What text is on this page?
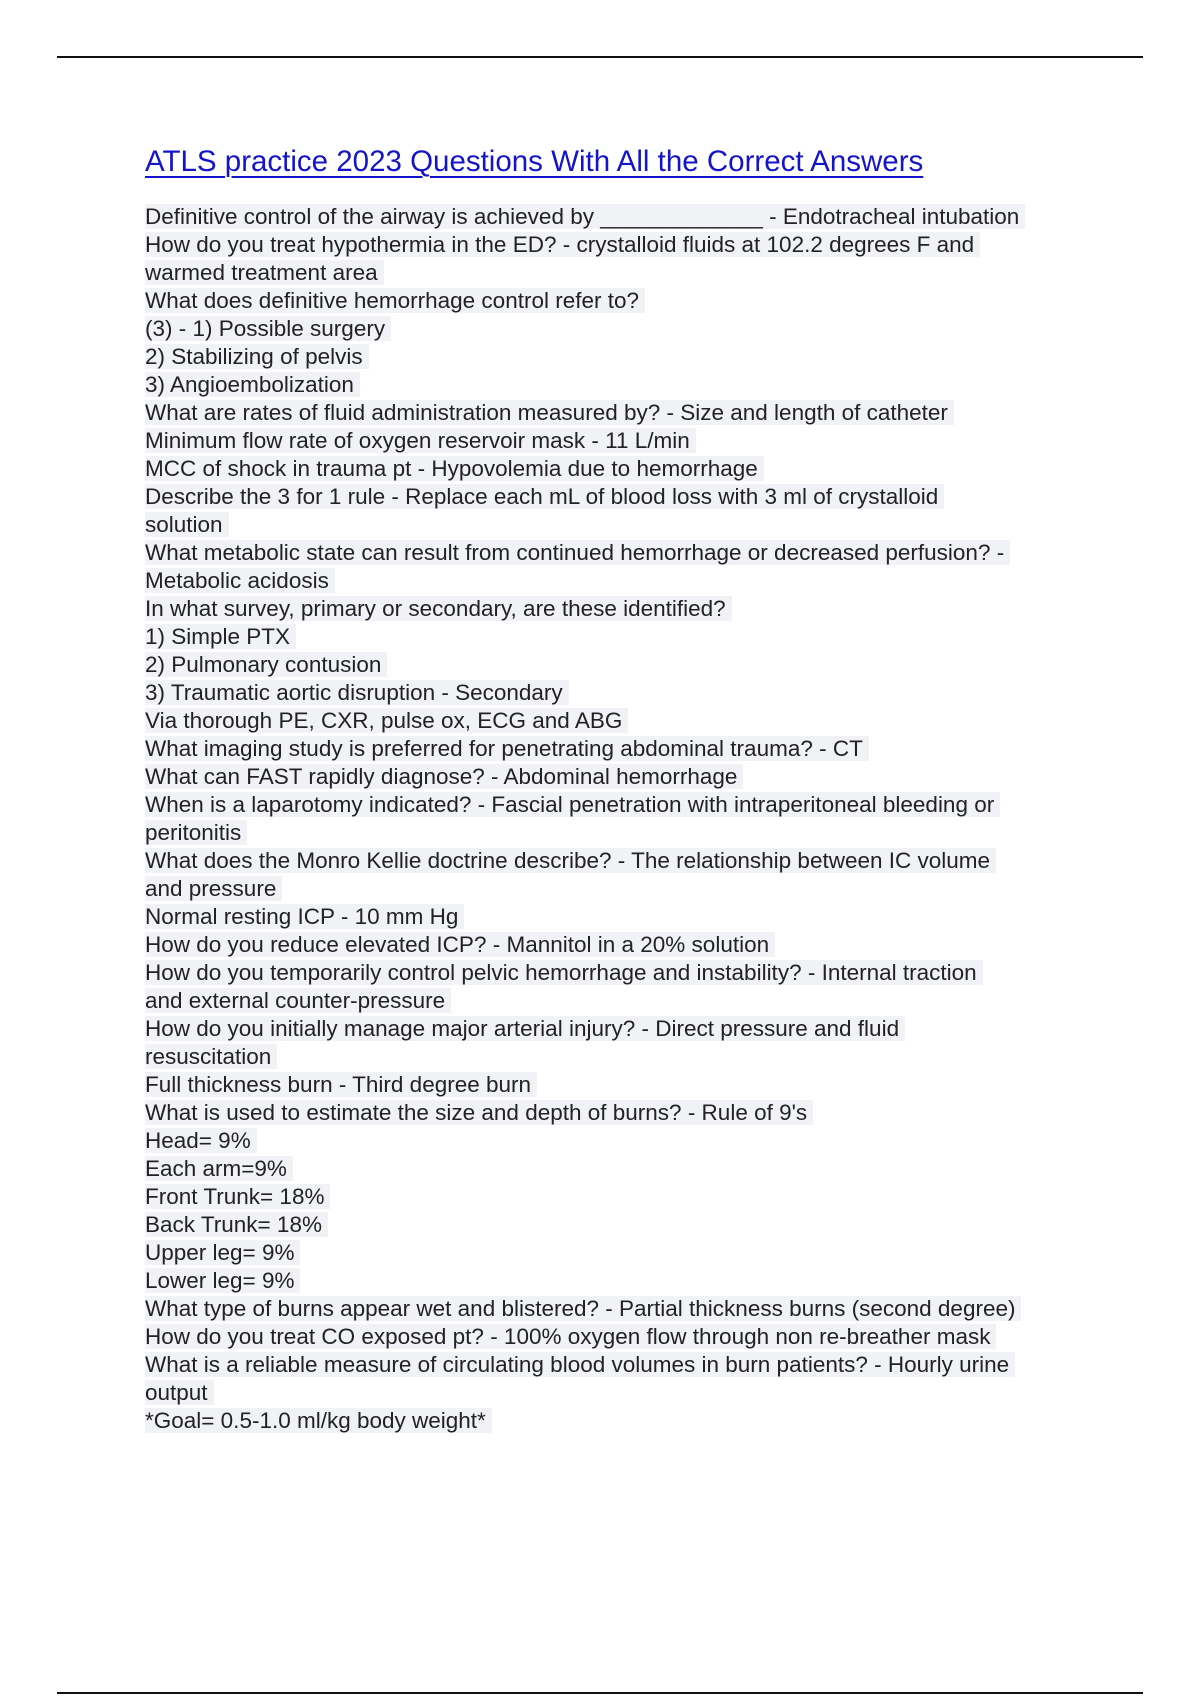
ATLS practice 2023 Questions With All the Correct Answers
Definitive control of the airway is achieved by _____________ - Endotracheal intubation
How do you treat hypothermia in the ED? - crystalloid fluids at 102.2 degrees F and
warmed treatment area
What does definitive hemorrhage control refer to?
(3) - 1) Possible surgery
2) Stabilizing of pelvis
3) Angioembolization
What are rates of fluid administration measured by? - Size and length of catheter
Minimum flow rate of oxygen reservoir mask - 11 L/min
MCC of shock in trauma pt - Hypovolemia due to hemorrhage
Describe the 3 for 1 rule - Replace each mL of blood loss with 3 ml of crystalloid
solution
What metabolic state can result from continued hemorrhage or decreased perfusion? -
Metabolic acidosis
In what survey, primary or secondary, are these identified?
1) Simple PTX
2) Pulmonary contusion
3) Traumatic aortic disruption - Secondary
Via thorough PE, CXR, pulse ox, ECG and ABG
What imaging study is preferred for penetrating abdominal trauma? - CT
What can FAST rapidly diagnose? - Abdominal hemorrhage
When is a laparotomy indicated? - Fascial penetration with intraperitoneal bleeding or
peritonitis
What does the Monro Kellie doctrine describe? - The relationship between IC volume
and pressure
Normal resting ICP - 10 mm Hg
How do you reduce elevated ICP? - Mannitol in a 20% solution
How do you temporarily control pelvic hemorrhage and instability? - Internal traction
and external counter-pressure
How do you initially manage major arterial injury? - Direct pressure and fluid
resuscitation
Full thickness burn - Third degree burn
What is used to estimate the size and depth of burns? - Rule of 9's
Head= 9%
Each arm=9%
Front Trunk= 18%
Back Trunk= 18%
Upper leg= 9%
Lower leg= 9%
What type of burns appear wet and blistered? - Partial thickness burns (second degree)
How do you treat CO exposed pt? - 100% oxygen flow through non re-breather mask
What is a reliable measure of circulating blood volumes in burn patients? - Hourly urine
output
*Goal= 0.5-1.0 ml/kg body weight*
